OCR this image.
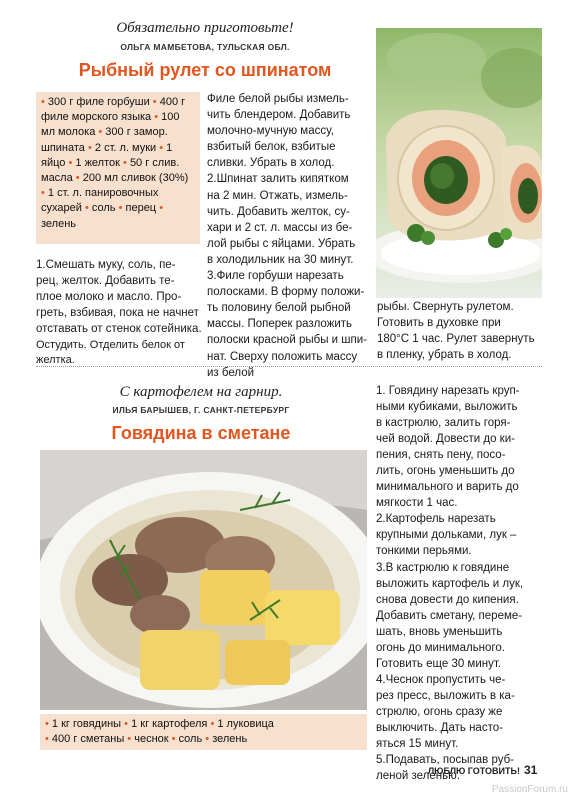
Обязательно приготовьте!
ОЛЬГА МАМБЕТОВА, ТУЛЬСКАЯ ОБЛ.
Рыбный рулет со шпинатом
• 300 г филе горбуши • 400 г филе морского языка • 100 мл молока • 300 г замор. шпината • 2 ст. л. муки • 1 яйцо • 1 желток • 50 г слив. масла • 200 мл сливок (30%) • 1 ст. л. панировочных сухарей • соль • перец • зелень

1.Смешать муку, соль, пе-

рец, желток. Добавить те-

плое молоко и масло. Про-

греть, взбивая, пока не начнет

отставать от стенок сотейника.

Остудить. Отделить белок от желтка.

Филе белой рыбы измель-

чить блендером. Добавить

молочно-мучную массу,

взбитый белок, взбитые

сливки. Убрать в холод.

2.Шпинат залить кипятком

на 2 мин. Отжать, измель-

чить. Добавить желток, су-

хари и 2 ст. л. массы из бе-

лой рыбы с яйцами. Убрать

в холодильник на 30 минут.

3.Филе горбуши нарезать

полосками. В форму положи-

ть половину белой рыбной

массы. Поперек разложить

полоски красной рыбы и шпи-

нат. Сверху положить массу

из белой

рыбы. Свернуть рулетом.

Готовить в духовке при

180°С 1 час. Рулет завернуть

в пленку, убрать в холод.

С картофелем на гарнир.
ИЛЬЯ БАРЫШЕВ, Г. САНКТ-ПЕТЕРБУРГ
Говядина в сметане
• 1 кг говядины • 1 кг картофеля • 1 луковица
• 400 г сметаны • чеснок • соль • зелень

1. Говядину нарезать круп-

ными кубиками, выложить

в кастрюлю, залить горя-

чей водой. Довести до ки-

пения, снять пену, посо-

лить, огонь уменьшить до

минимального и варить до

мягкости 1 час.

2.Картофель нарезать

крупными дольками, лук –

тонкими перьями.

3.В кастрюлю к говядине

выложить картофель и лук,

снова довести до кипения.

Добавить сметану, переме-

шать, вновь уменьшить

огонь до минимального.

Готовить еще 30 минут.

4.Чеснок пропустить че-

рез пресс, выложить в ка-

стрюлю, огонь сразу же

выключить. Дать насто-

яться 15 минут.

5.Подавать, посыпав руб-

леной зеленью.

ЛЮБЛЮ ГОТОВИТЬ! 31
PassionForum.ru
